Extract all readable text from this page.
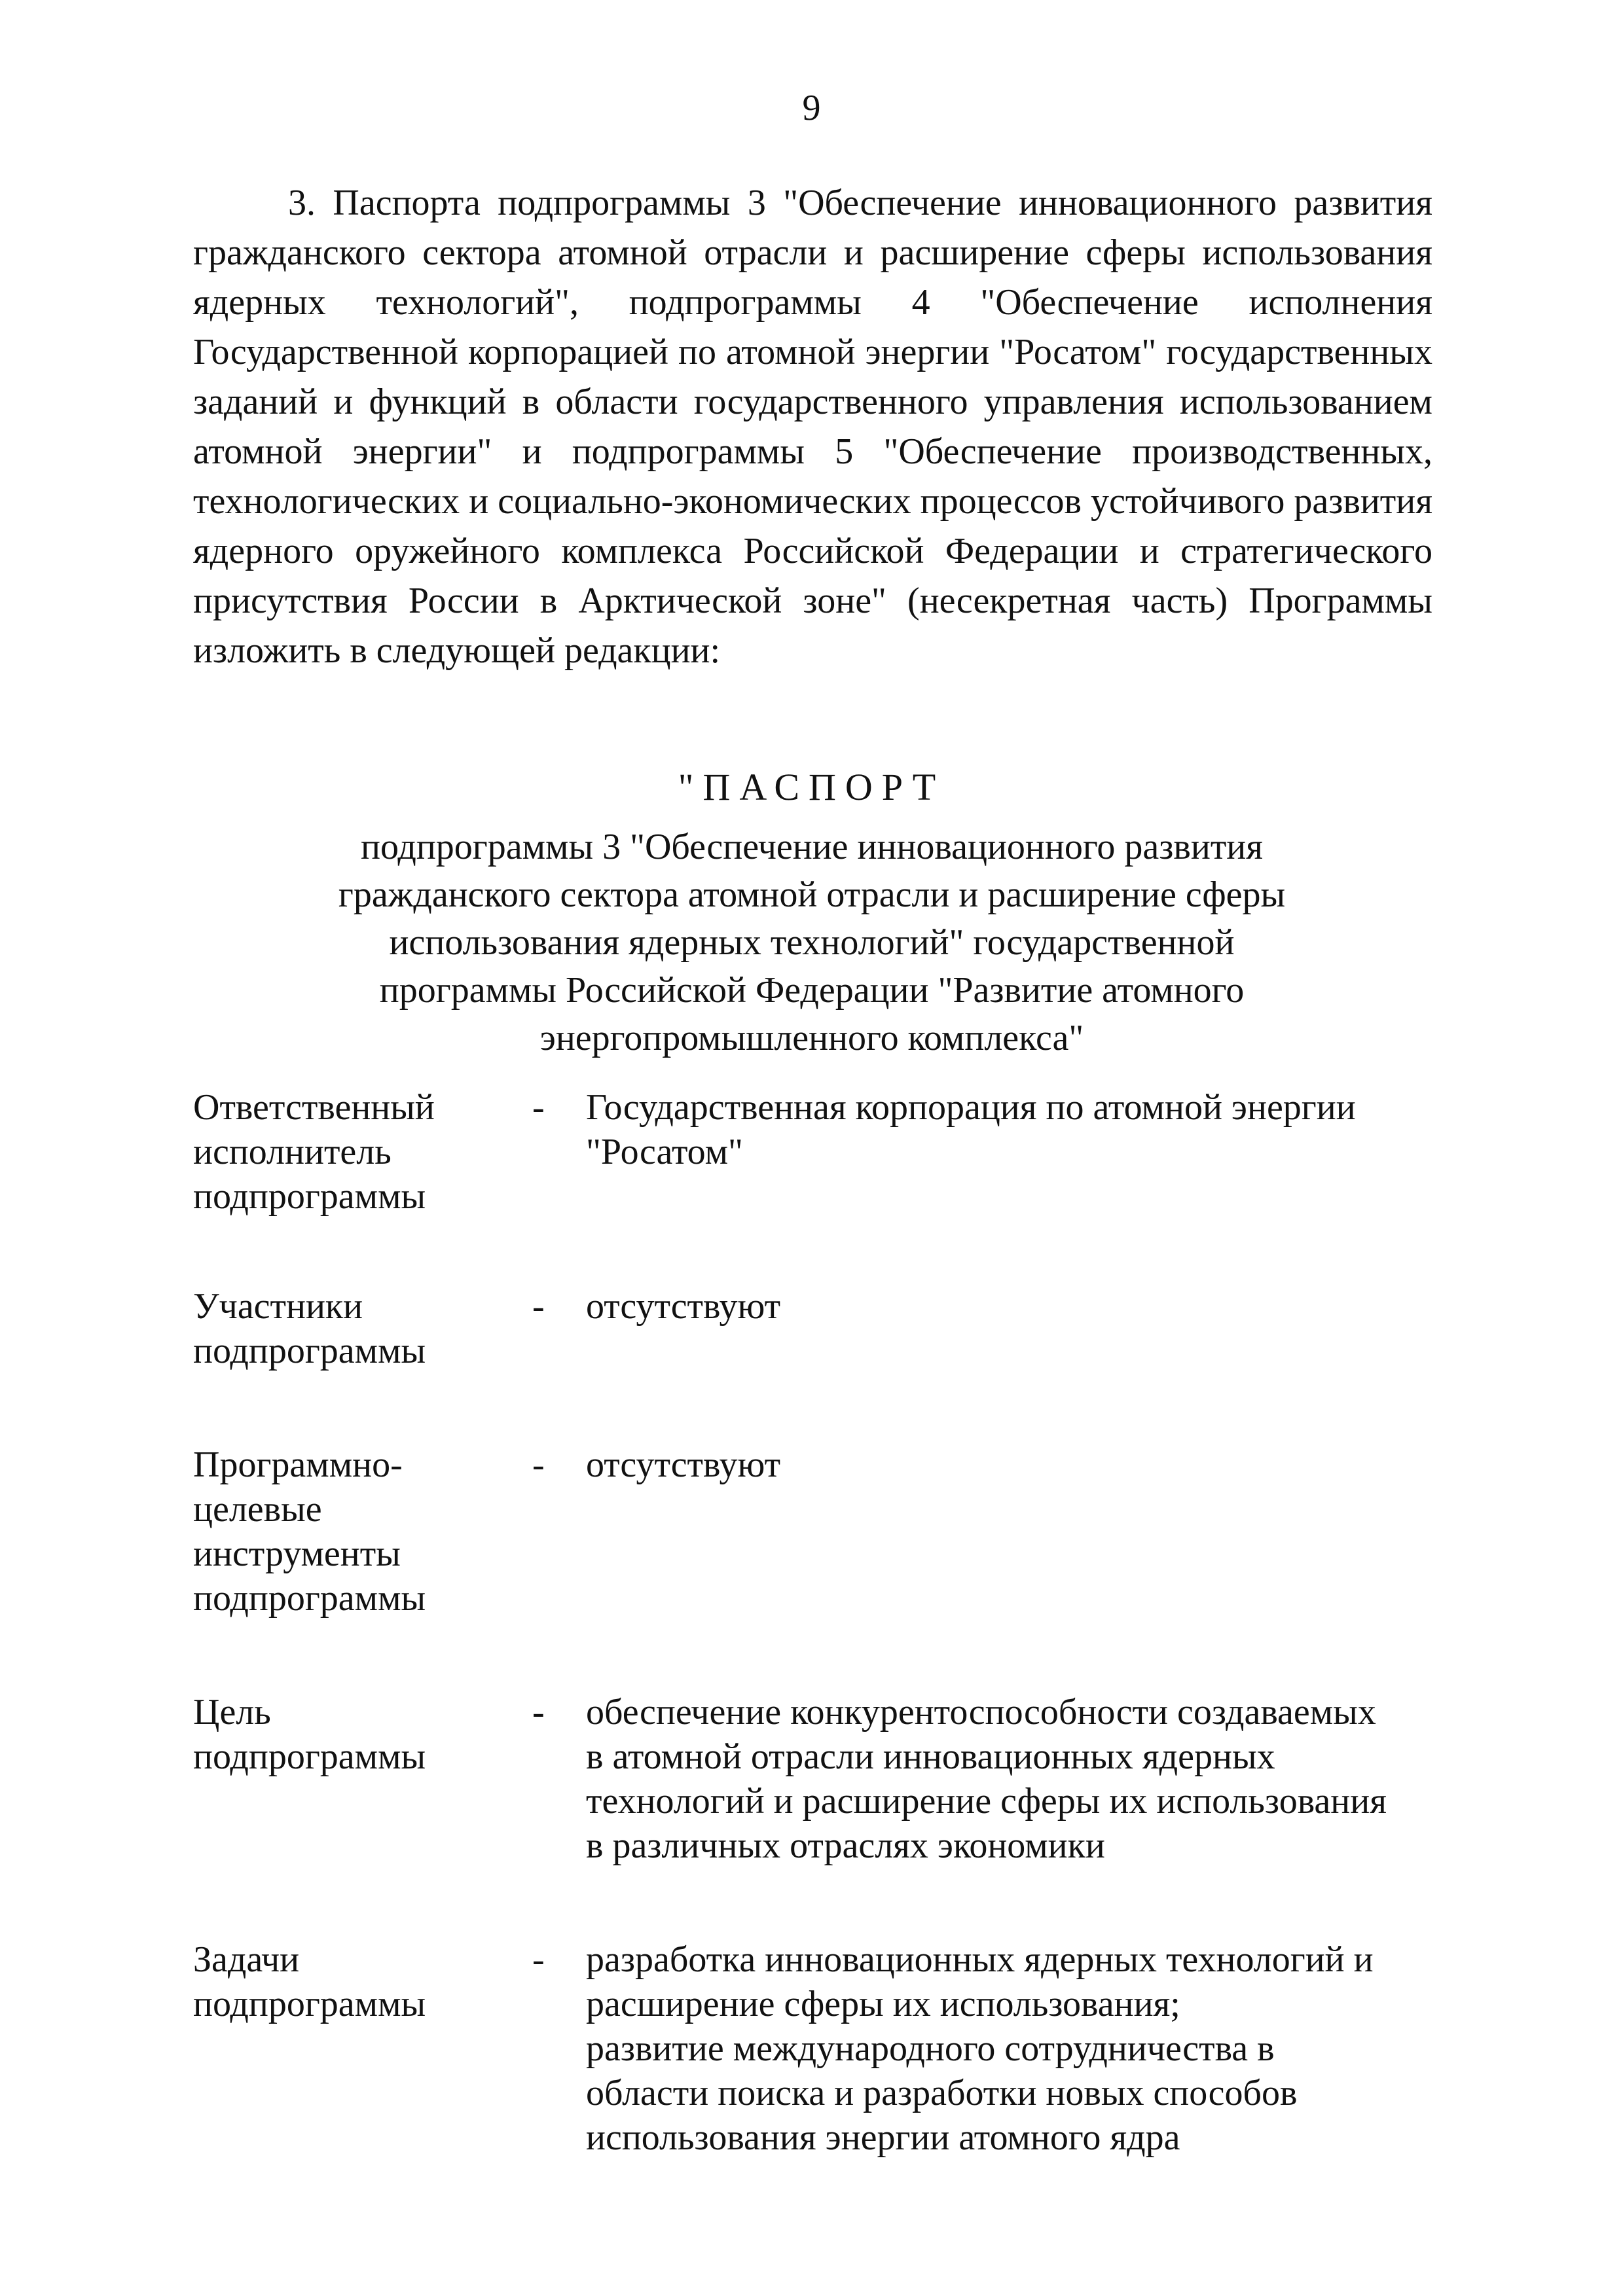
9

3. Паспорта подпрограммы 3 "Обеспечение инновационного развития гражданского сектора атомной отрасли и расширение сферы использования ядерных технологий", подпрограммы 4 "Обеспечение исполнения Государственной корпорацией по атомной энергии "Росатом" государственных заданий и функций в области государственного управления использованием атомной энергии" и подпрограммы 5 "Обеспечение производственных, технологических и социально-экономических процессов устойчивого развития ядерного оружейного комплекса Российской Федерации и стратегического присутствия России в Арктической зоне" (несекретная часть) Программы изложить в следующей редакции:

"ПАСПОРТ
подпрограммы 3 "Обеспечение инновационного развития
гражданского сектора атомной отрасли и расширение сферы
использования ядерных технологий" государственной
программы Российской Федерации "Развитие атомного
энергопромышленного комплекса"
Ответственный
исполнитель
подпрограммы
-	Государственная корпорация по атомной энергии
"Росатом"
Участники
подпрограммы
-	отсутствуют
Программно-
целевые
инструменты
подпрограммы
-	отсутствуют
Цель
подпрограммы
-	обеспечение конкурентоспособности создаваемых
в атомной отрасли инновационных ядерных
технологий и расширение сферы их использования
в различных отраслях экономики
Задачи
подпрограммы
-	разработка инновационных ядерных технологий и
расширение сферы их использования;
развитие международного сотрудничества в
области поиска и разработки новых способов
использования энергии атомного ядра
